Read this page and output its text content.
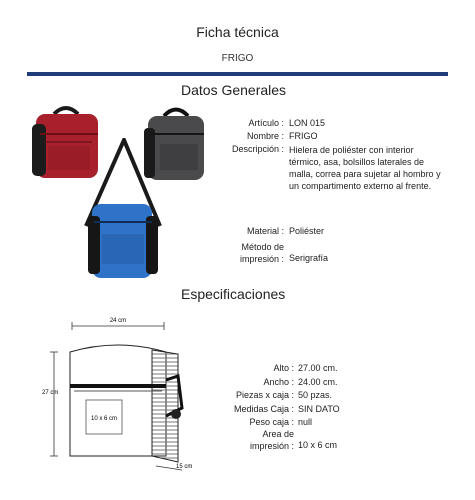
Ficha técnica
FRIGO
Datos Generales
Artículo : LON 015
Nombre : FRIGO
Descripción : Hielera de poliéster con interior térmico, asa, bolsillos laterales de malla, correa para sujetar al hombro y un compartimento externo al frente.
Material : Poliéster
Método de
impresión : Serigrafía
Especificaciones
24 cm
27 cm
10 x 6 cm
15 cm
Alto : 27.00 cm.
Ancho : 24.00 cm.
Piezas x caja : 50 pzas.
Medidas Caja : SIN DATO
Peso caja : null
Area de
impresión : 10 x 6 cm
